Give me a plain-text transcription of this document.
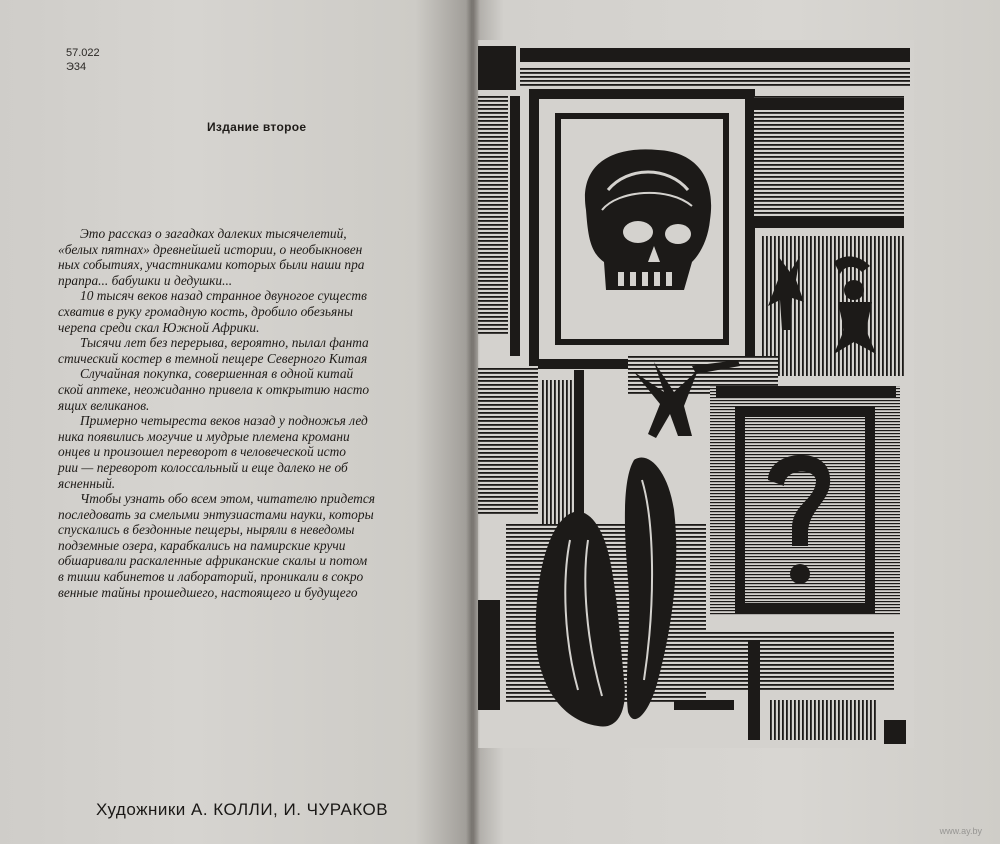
57.022
Э34
Издание второе
Это рассказ о загадках далеких тысячелетий,
«белых пятнах» древнейшей истории, о необыкновен
ных событиях, участниками которых были наши пра
прапра... бабушки и дедушки...
10 тысяч веков назад странное двуногое существ
схватив в руку громадную кость, дробило обезьяны
черепа среди скал Южной Африки.
Тысячи лет без перерыва, вероятно, пылал фанта
стический костер в темной пещере Северного Китая
Случайная покупка, совершенная в одной китай
ской аптеке, неожиданно привела к открытию насто
ящих великанов.
Примерно четыреста веков назад у подножья лед
ника появились могучие и мудрые племена кромани
онцев и произошел переворот в человеческой исто
рии — переворот колоссальный и еще далеко не об
ясненный.
Чтобы узнать обо всем этом, читателю придется
последовать за смелыми энтузиастами науки, которы
спускались в бездонные пещеры, ныряли в неведомы
подземные озера, карабкались на памирские кручи
обшаривали раскаленные африканские скалы и потом
в тиши кабинетов и лабораторий, проникали в сокро
венные тайны прошедшего, настоящего и будущего
Художники А. КОЛЛИ, И. ЧУРАКОВ
www.ay.by
